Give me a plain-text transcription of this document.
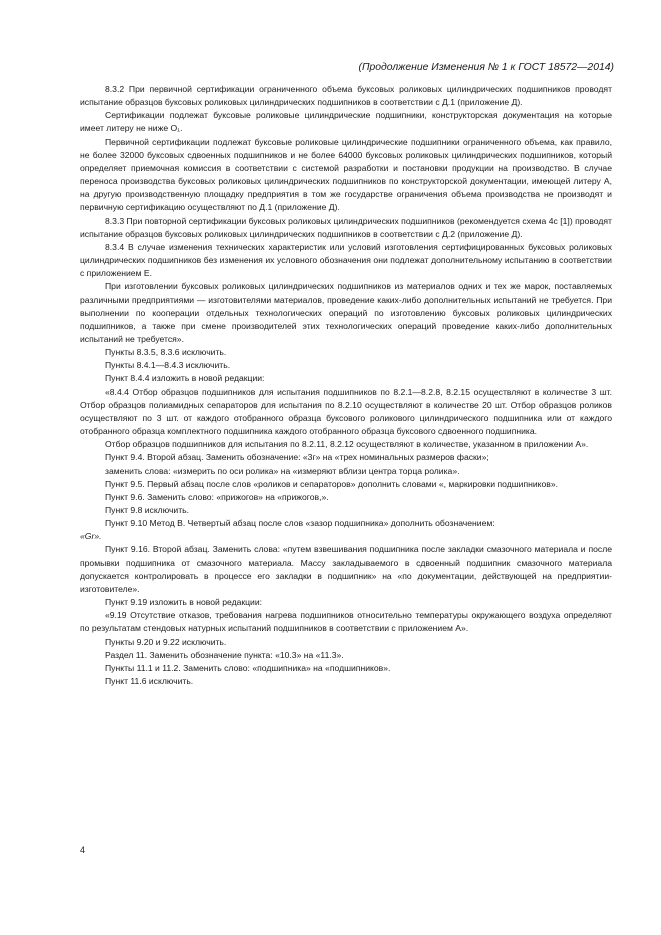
(Продолжение Изменения № 1 к ГОСТ 18572—2014)

8.3.2 При первичной сертификации ограниченного объема буксовых роликовых цилиндрических подшипников проводят испытание образцов буксовых роликовых цилиндрических подшипников в соответствии с Д.1 (приложение Д).

Сертификации подлежат буксовые роликовые цилиндрические подшипники, конструкторская документация на которые имеет литеру не ниже О₁.

Первичной сертификации подлежат буксовые роликовые цилиндрические подшипники ограниченного объема, как правило, не более 32000 буксовых сдвоенных подшипников и не более 64000 буксовых роликовых цилиндрических подшипников, который определяет приемочная комиссия в соответствии с системой разработки и постановки продукции на производство. В случае переноса производства буксовых роликовых цилиндрических подшипников по конструкторской документации, имеющей литеру А, на другую производственную площадку предприятия в том же государстве ограничения объема производства не производят и первичную сертификацию осуществляют по Д.1 (приложение Д).

8.3.3 При повторной сертификации буксовых роликовых цилиндрических подшипников (рекомендуется схема 4с [1]) проводят испытание образцов буксовых роликовых цилиндрических подшипников в соответствии с Д.2 (приложение Д).

8.3.4 В случае изменения технических характеристик или условий изготовления сертифицированных буксовых роликовых цилиндрических подшипников без изменения их условного обозначения они подлежат дополнительному испытанию в соответствии с приложением Е.

При изготовлении буксовых роликовых цилиндрических подшипников из материалов одних и тех же марок, поставляемых различными предприятиями — изготовителями материалов, проведение каких-либо дополнительных испытаний не требуется. При выполнении по кооперации отдельных технологических операций по изготовлению буксовых роликовых цилиндрических подшипников, а также при смене производителей этих технологических операций проведение каких-либо дополнительных испытаний не требуется».

Пункты 8.3.5, 8.3.6 исключить.

Пункты 8.4.1—8.4.3 исключить.

Пункт 8.4.4 изложить в новой редакции:

«8.4.4 Отбор образцов подшипников для испытания подшипников по 8.2.1—8.2.8, 8.2.15 осуществляют в количестве 3 шт. Отбор образцов полиамидных сепараторов для испытания по 8.2.10 осуществляют в количестве 20 шт. Отбор образцов роликов осуществляют по 3 шт. от каждого отобранного образца буксового роликового цилиндрического подшипника или от каждого отобранного образца комплектного подшипника каждого отобранного образца буксового сдвоенного подшипника.

Отбор образцов подшипников для испытания по 8.2.11, 8.2.12 осуществляют в количестве, указанном в приложении А».

Пункт 9.4. Второй абзац. Заменить обозначение: «3г» на «трех номинальных размеров фаски»;

заменить слова: «измерить по оси ролика» на «измеряют вблизи центра торца ролика».

Пункт 9.5. Первый абзац после слов «роликов и сепараторов» дополнить словами «, маркировки подшипников».

Пункт 9.6. Заменить слово: «прижогов» на «прижогов,».

Пункт 9.8 исключить.

Пункт 9.10 Метод В. Четвертый абзац после слов «зазор подшипника» дополнить обозначением:
«Gr».

Пункт 9.16. Второй абзац. Заменить слова: «путем взвешивания подшипника после закладки смазочного материала и после промывки подшипника от смазочного материала. Массу закладываемого в сдвоенный подшипник смазочного материала допускается контролировать в процессе его закладки в подшипник» на «по документации, действующей на предприятии-изготовителе».

Пункт 9.19 изложить в новой редакции:

«9.19 Отсутствие отказов, требования нагрева подшипников относительно температуры окружающего воздуха определяют по результатам стендовых натурных испытаний подшипников в соответствии с приложением А».

Пункты 9.20 и 9.22 исключить.

Раздел 11. Заменить обозначение пункта: «10.3» на «11.3».

Пункты 11.1 и 11.2. Заменить слово: «подшипника» на «подшипников».

Пункт 11.6 исключить.

4
